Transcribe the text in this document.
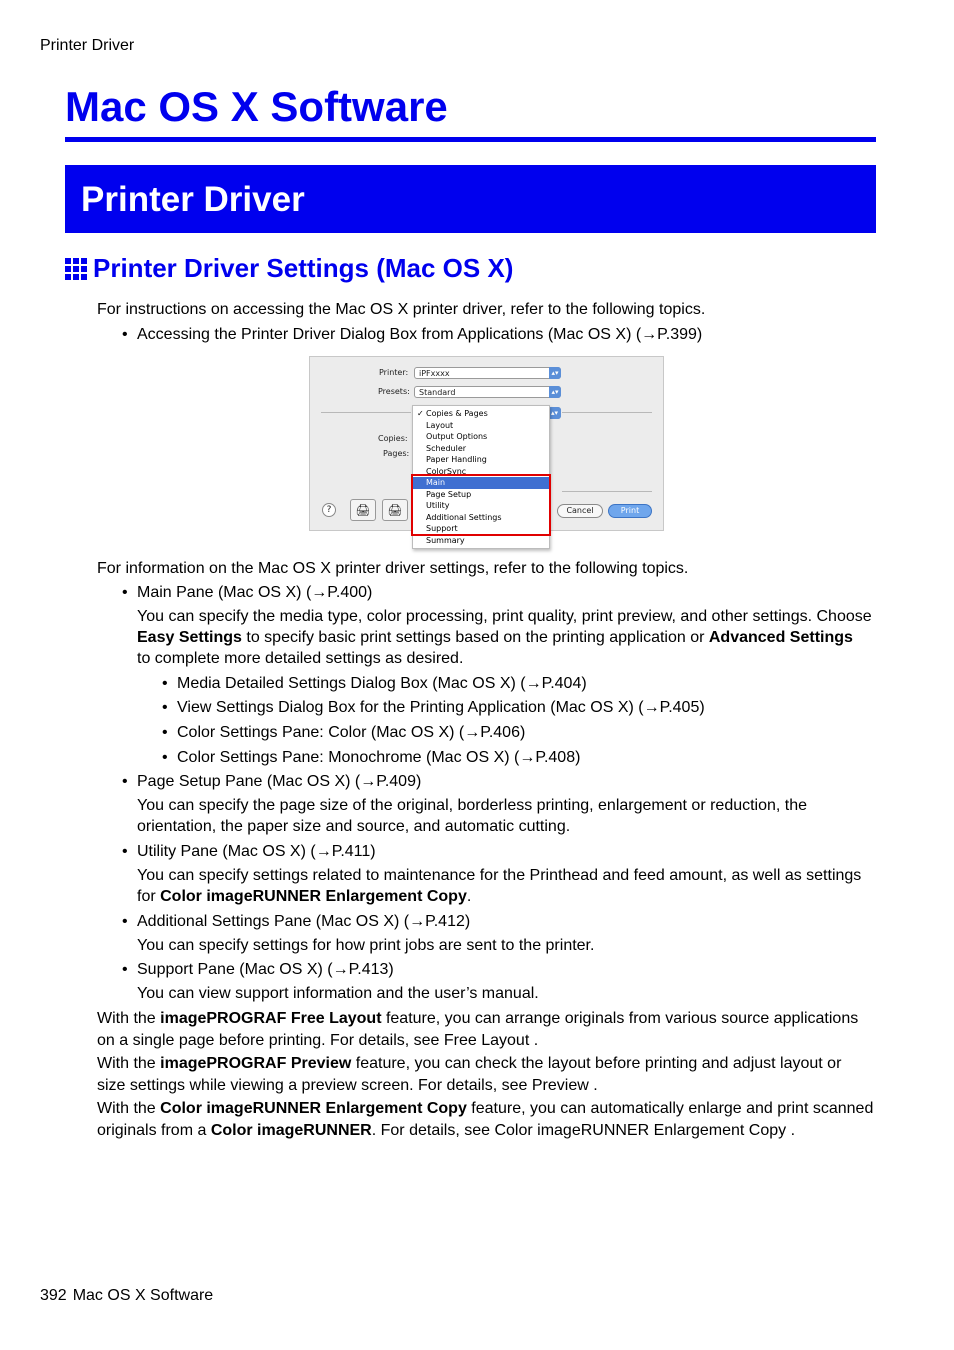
Printer Driver
Mac OS X Software
Printer Driver
Printer Driver Settings (Mac OS X)
For instructions on accessing the Mac OS X printer driver, refer to the following topics.
• Accessing the Printer Driver Dialog Box from Applications (Mac OS X) (→P.399)
Printer:	iPFxxxx	▴▾
Presets:	Standard	▴▾
▴▾
Copies:
Pages:
?	🖨	🖨	Cancel	Print
✓ Copies & Pages
Layout
Output Options
Scheduler
Paper Handling
ColorSync
Main
Page Setup
Utility
Additional Settings
Support
Summary
For information on the Mac OS X printer driver settings, refer to the following topics.
• Main Pane (Mac OS X) (→P.400)
You can specify the media type, color processing, print quality, print preview, and other settings. Choose
Easy Settings to specify basic print settings based on the printing application or Advanced Settings
to complete more detailed settings as desired.
• Media Detailed Settings Dialog Box (Mac OS X) (→P.404)
• View Settings Dialog Box for the Printing Application (Mac OS X) (→P.405)
• Color Settings Pane: Color (Mac OS X) (→P.406)
• Color Settings Pane: Monochrome (Mac OS X) (→P.408)
• Page Setup Pane (Mac OS X) (→P.409)
You can specify the page size of the original, borderless printing, enlargement or reduction, the
orientation, the paper size and source, and automatic cutting.
• Utility Pane (Mac OS X) (→P.411)
You can specify settings related to maintenance for the Printhead and feed amount, as well as settings
for Color imageRUNNER Enlargement Copy.
• Additional Settings Pane (Mac OS X) (→P.412)
You can specify settings for how print jobs are sent to the printer.
• Support Pane (Mac OS X) (→P.413)
You can view support information and the user’s manual.
With the imagePROGRAF Free Layout feature, you can arrange originals from various source applications
on a single page before printing. For details, see Free Layout .
With the imagePROGRAF Preview feature, you can check the layout before printing and adjust layout or
size settings while viewing a preview screen. For details, see Preview .
With the Color imageRUNNER Enlargement Copy feature, you can automatically enlarge and print scanned
originals from a Color imageRUNNER. For details, see Color imageRUNNER Enlargement Copy .
392 Mac OS X Software
